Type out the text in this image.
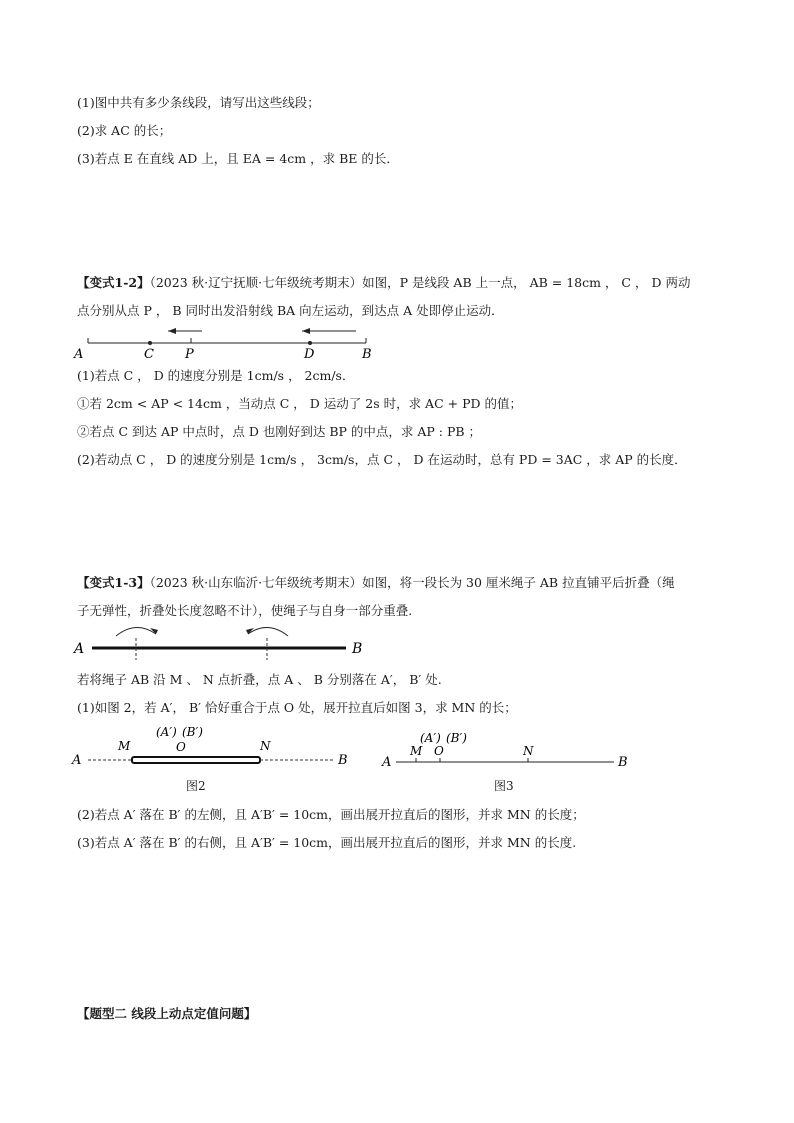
(1)图中共有多少条线段，请写出这些线段；
(2)求 AC 的长；
(3)若点 E 在直线 AD 上，且 EA = 4cm ，求 BE 的长．
【变式1-2】（2023 秋·辽宁抚顺·七年级统考期末）如图，P 是线段 AB 上一点， AB = 18cm ， C ， D 两动
点分别从点 P ， B 同时出发沿射线 BA 向左运动，到达点 A 处即停止运动．
A	C P	D	B
(1)若点 C ， D 的速度分别是 1cm/s ， 2cm/s．
①若 2cm < AP < 14cm ，当动点 C ， D 运动了 2s 时，求 AC + PD 的值；
②若点 C 到达 AP 中点时，点 D 也刚好到达 BP 的中点，求 AP : PB ；
(2)若动点 C ， D 的速度分别是 1cm/s ， 3cm/s，点 C ， D 在运动时，总有 PD = 3AC ，求 AP 的长度．
【变式1-3】（2023 秋·山东临沂·七年级统考期末）如图，将一段长为 30 厘米绳子 AB 拉直铺平后折叠（绳
子无弹性，折叠处长度忽略不计），使绳子与自身一部分重叠.
A	B
若将绳子 AB 沿 M 、 N 点折叠，点 A 、 B 分别落在 A′， B′ 处.
(1)如图 2，若 A′， B′ 恰好重合于点 O 处，展开拉直后如图 3，求 MN 的长；
A
M
(A′) (B′)
O	N
B
图2
A
M
(A′) (B′)
O	N
B
图3
(2)若点 A′ 落在 B′ 的左侧，且 A′B′ = 10cm，画出展开拉直后的图形，并求 MN 的长度；
(3)若点 A′ 落在 B′ 的右侧，且 A′B′ = 10cm，画出展开拉直后的图形，并求 MN 的长度.
【题型二 线段上动点定值问题】
